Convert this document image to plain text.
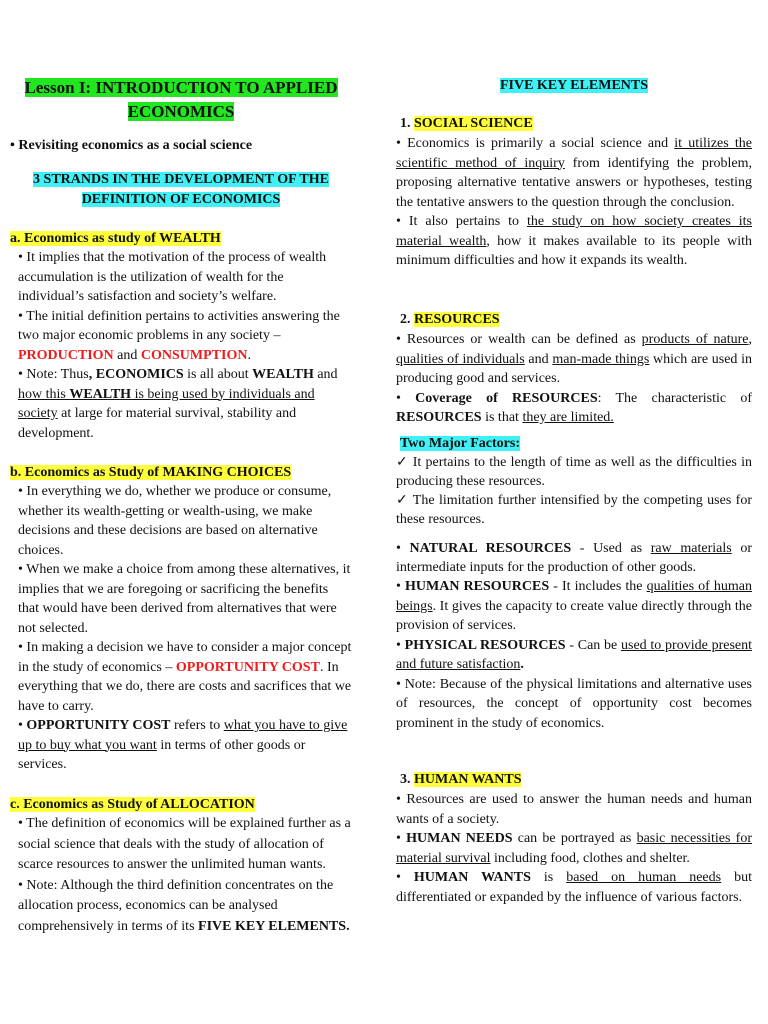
Lesson I: INTRODUCTION TO APPLIED

ECONOMICS

• Revisiting economics as a social science

3 STRANDS IN THE DEVELOPMENT OF THE

DEFINITION OF ECONOMICS

a. Economics as study of WEALTH

• It implies that the motivation of the process of wealth accumulation is the utilization of wealth for the individual’s satisfaction and society’s welfare.

• The initial definition pertains to activities answering the two major economic problems in any society – PRODUCTION and CONSUMPTION.

• Note: Thus, ECONOMICS is all about WEALTH and how this WEALTH is being used by individuals and society at large for material survival, stability and development.

b. Economics as Study of MAKING CHOICES

• In everything we do, whether we produce or consume, whether its wealth-getting or wealth-using, we make decisions and these decisions are based on alternative choices.

• When we make a choice from among these alternatives, it implies that we are foregoing or sacrificing the benefits that would have been derived from alternatives that were not selected.

• In making a decision we have to consider a major concept in the study of economics – OPPORTUNITY COST. In everything that we do, there are costs and sacrifices that we have to carry.

• OPPORTUNITY COST refers to what you have to give up to buy what you want in terms of other goods or services.

c. Economics as Study of ALLOCATION

• The definition of economics will be explained further as a social science that deals with the study of allocation of scarce resources to answer the unlimited human wants.

• Note: Although the third definition concentrates on the allocation process, economics can be analysed comprehensively in terms of its FIVE KEY ELEMENTS.

FIVE KEY ELEMENTS

1. SOCIAL SCIENCE

• Economics is primarily a social science and it utilizes the scientific method of inquiry from identifying the problem, proposing alternative tentative answers or hypotheses, testing the tentative answers to the question through the conclusion.

• It also pertains to the study on how society creates its material wealth, how it makes available to its people with minimum difficulties and how it expands its wealth.

2. RESOURCES

• Resources or wealth can be defined as products of nature, qualities of individuals and man-made things which are used in producing good and services.

• Coverage of RESOURCES: The characteristic of RESOURCES is that they are limited.

Two Major Factors:

✓ It pertains to the length of time as well as the difficulties in producing these resources.

✓ The limitation further intensified by the competing uses for these resources.

• NATURAL RESOURCES - Used as raw materials or intermediate inputs for the production of other goods.

• HUMAN RESOURCES - It includes the qualities of human beings. It gives the capacity to create value directly through the provision of services.

• PHYSICAL RESOURCES - Can be used to provide present and future satisfaction.

• Note: Because of the physical limitations and alternative uses of resources, the concept of opportunity cost becomes prominent in the study of economics.

3. HUMAN WANTS

• Resources are used to answer the human needs and human wants of a society.

• HUMAN NEEDS can be portrayed as basic necessities for material survival including food, clothes and shelter.

• HUMAN WANTS is based on human needs but differentiated or expanded by the influence of various factors.
